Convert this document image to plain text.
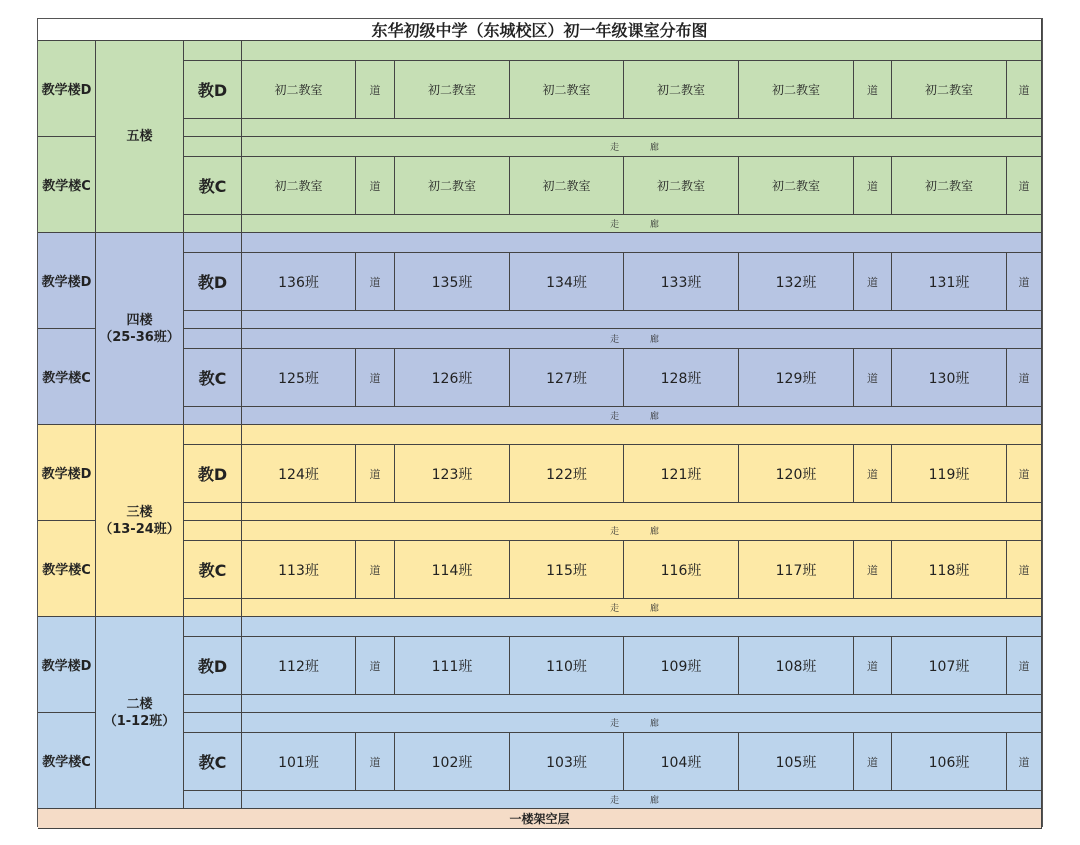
东华初级中学（东城校区）初一年级课室分布图
五楼
教学楼D	教D	初二教室	道	初二教室	初二教室	初二教室	初二教室	道	初二教室	道
教学楼C
走 廊
教C	初二教室	道	初二教室	初二教室	初二教室	初二教室	道	初二教室	道
走 廊
四楼
（25-36班）
教学楼D	教D	136班	道	135班	134班	133班	132班	道	131班	道
教学楼C
走 廊
教C	125班	道	126班	127班	128班	129班	道	130班	道
走 廊
三楼
（13-24班）
教学楼D	教D	124班	道	123班	122班	121班	120班	道	119班	道
教学楼C
走 廊
教C	113班	道	114班	115班	116班	117班	道	118班	道
走 廊
二楼
（1-12班）
教学楼D	教D	112班	道	111班	110班	109班	108班	道	107班	道
教学楼C
走 廊
教C	101班	道	102班	103班	104班	105班	道	106班	道
走 廊
一楼架空层
